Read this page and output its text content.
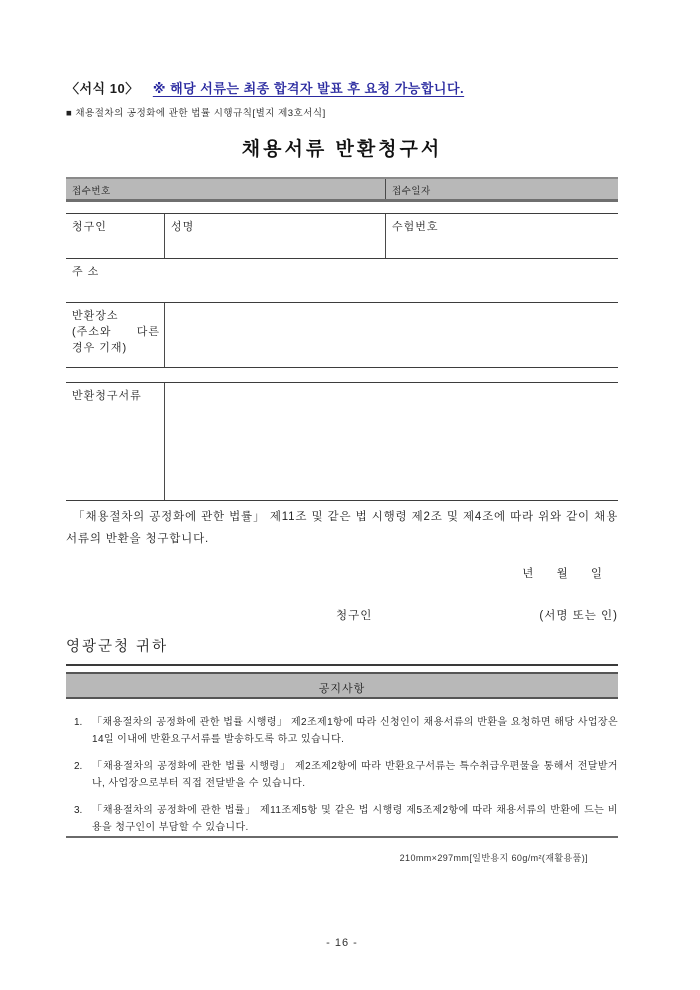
〈서식 10〉 ※ 해당 서류는 최종 합격자 발표 후 요청 가능합니다.
■ 채용절차의 공정화에 관한 법률 시행규칙[별지 제3호서식]
채용서류 반환청구서
접수번호	접수일자
청구인	성명	수험번호
주 소
반환장소
(주소와 다른
경우 기재)
반환청구서류
「채용절차의 공정화에 관한 법률」 제11조 및 같은 법 시행령 제2조 및 제4조에 따라 위와 같이 채용서류의 반환을 청구합니다.
년 월 일
청구인	(서명 또는 인)
영광군청 귀하
공지사항
1. 「채용절차의 공정화에 관한 법률 시행령」 제2조제1항에 따라 신청인이 채용서류의 반환을 요청하면 해당 사업장은 14일 이내에 반환요구서류를 발송하도록 하고 있습니다.
2. 「채용절차의 공정화에 관한 법률 시행령」 제2조제2항에 따라 반환요구서류는 특수취급우편물을 통해서 전달받거나, 사업장으로부터 직접 전달받을 수 있습니다.
3. 「채용절차의 공정화에 관한 법률」 제11조제5항 및 같은 법 시행령 제5조제2항에 따라 채용서류의 반환에 드는 비용을 청구인이 부담할 수 있습니다.
210mm×297mm[일반용지 60g/m²(재활용품)]
- 16 -
